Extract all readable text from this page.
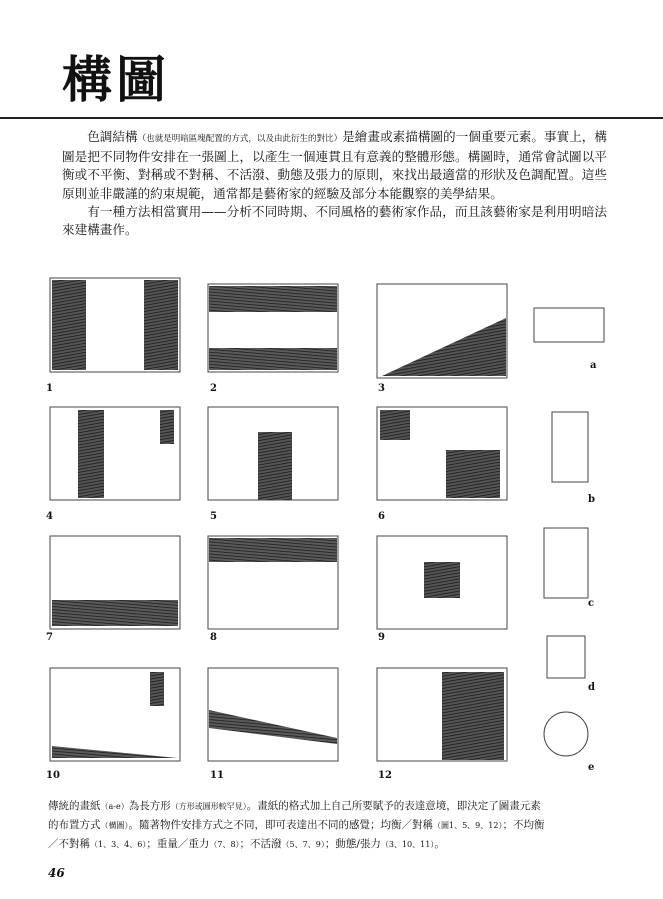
構圖

色調結構（也就是明暗區塊配置的方式，以及由此衍生的對比）是繪畫或素描構圖的一個重要元素。事實上，構圖是把不同物件安排在一張圖上，以產生一個連貫且有意義的整體形態。構圖時，通常會試圖以平衡或不平衡、對稱或不對稱、不活潑、動態及張力的原則，來找出最適當的形狀及色調配置。這些原則並非嚴謹的約束規範，通常都是藝術家的經驗及部分本能觀察的美學結果。

有一種方法相當實用——分析不同時期、不同風格的藝術家作品，而且該藝術家是利用明暗法來建構畫作。

1	2	3
4	5	6
7	8	9
10	11	12
a
b
c
d
e
傳統的畫紙（a-e）為長方形（方形或圓形較罕見）。畫紙的格式加上自己所要賦予的表達意境，即決定了圖畫元素
的布置方式（構圖）。隨著物件安排方式之不同，即可表達出不同的感覺；均衡／對稱（圖1、5、9、12）；不均衡
／不對稱（1、3、4、6）；重量／重力（7、8）；不活潑（5、7、9）；動態/張力（3、10、11）。
46
